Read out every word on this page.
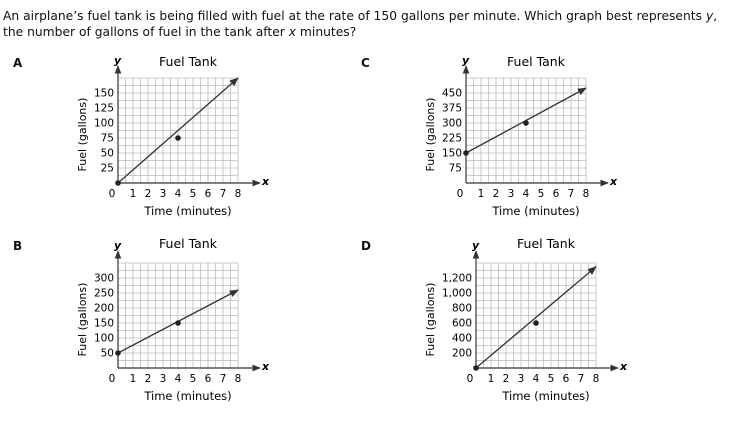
An airplane’s fuel tank is being filled with fuel at the rate of 150 gallons per minute. Which graph best represents y, the number of gallons of fuel in the tank after x minutes?
A
x
y	Fuel Tank
0 1 2 3 4 5 6 7 8
25
50
75
100
125
150
Time (minutes)
Fuel (gallons)
C
x
y	Fuel Tank
0 1 2 3 4 5 6 7 8
75
150
225
300
375
450
Time (minutes)
Fuel (gallons)
B
x
y	Fuel Tank
0 1 2 3 4 5 6 7 8
50
100
150
200
250
300
Time (minutes)
Fuel (gallons)
D
x
y	Fuel Tank
0 1 2 3 4 5 6 7 8
200
400
600
800
1,000
1,200
Time (minutes)
Fuel (gallons)
